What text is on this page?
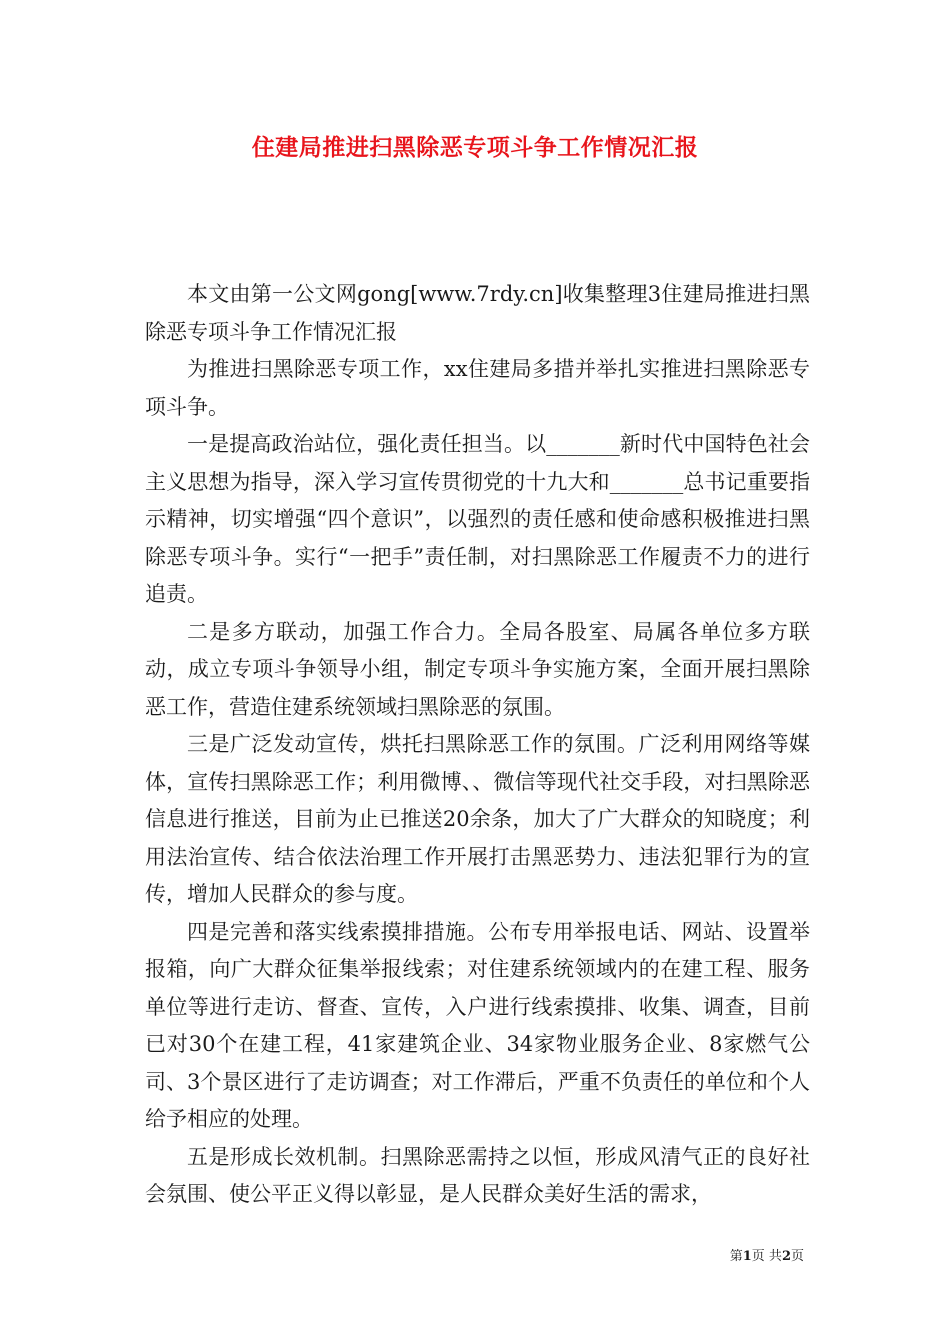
住建局推进扫黑除恶专项斗争工作情况汇报

本文由第一公文网gong[www.7rdy.cn]收集整理3住建局推进扫黑除恶专项斗争工作情况汇报

为推进扫黑除恶专项工作，xx住建局多措并举扎实推进扫黑除恶专项斗争。

一是提高政治站位，强化责任担当。以_______新时代中国特色社会主义思想为指导，深入学习宣传贯彻党的十九大和_______总书记重要指示精神，切实增强“四个意识”，以强烈的责任感和使命感积极推进扫黑除恶专项斗争。实行“一把手”责任制，对扫黑除恶工作履责不力的进行追责。

二是多方联动，加强工作合力。全局各股室、局属各单位多方联动，成立专项斗争领导小组，制定专项斗争实施方案，全面开展扫黑除恶工作，营造住建系统领域扫黑除恶的氛围。

三是广泛发动宣传，烘托扫黑除恶工作的氛围。广泛利用网络等媒体，宣传扫黑除恶工作；利用微博、、微信等现代社交手段，对扫黑除恶信息进行推送，目前为止已推送20余条，加大了广大群众的知晓度；利用法治宣传、结合依法治理工作开展打击黑恶势力、违法犯罪行为的宣传，增加人民群众的参与度。

四是完善和落实线索摸排措施。公布专用举报电话、网站、设置举报箱，向广大群众征集举报线索；对住建系统领域内的在建工程、服务单位等进行走访、督查、宣传，入户进行线索摸排、收集、调查，目前已对30个在建工程，41家建筑企业、34家物业服务企业、8家燃气公司、3个景区进行了走访调查；对工作滞后，严重不负责任的单位和个人给予相应的处理。

五是形成长效机制。扫黑除恶需持之以恒，形成风清气正的良好社会氛围、使公平正义得以彰显，是人民群众美好生活的需求，

第1页 共2页
